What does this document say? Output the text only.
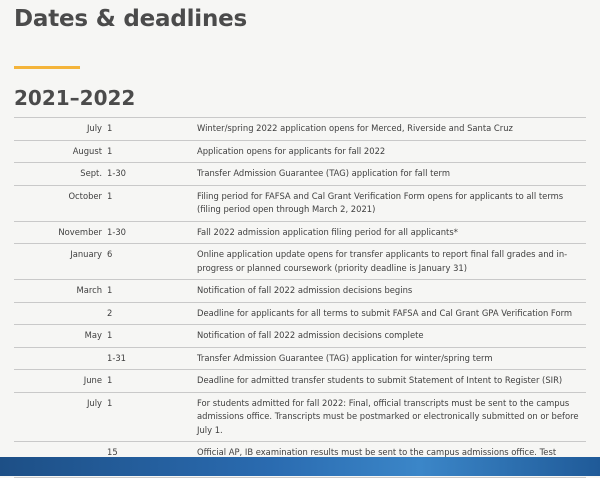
Dates & deadlines
2021–2022
July	1	Winter/spring 2022 application opens for Merced, Riverside and Santa Cruz
August	1	Application opens for applicants for fall 2022
Sept.	1-30	Transfer Admission Guarantee (TAG) application for fall term
October	1	Filing period for FAFSA and Cal Grant Verification Form opens for applicants to all terms (filing period open through March 2, 2021)
November	1-30	Fall 2022 admission application filing period for all applicants*
January	6	Online application update opens for transfer applicants to report final fall grades and in-progress or planned coursework (priority deadline is January 31)
March	1	Notification of fall 2022 admission decisions begins
	2	Deadline for applicants for all terms to submit FAFSA and Cal Grant GPA Verification Form
May	1	Notification of fall 2022 admission decisions complete
	1-31	Transfer Admission Guarantee (TAG) application for winter/spring term
June	1	Deadline for admitted transfer students to submit Statement of Intent to Register (SIR)
July	1	For students admitted for fall 2022: Final, official transcripts must be sent to the campus admissions office. Transcripts must be postmarked or electronically submitted on or before July 1.
	15	Official AP, IB examination results must be sent to the campus admissions office. Test
